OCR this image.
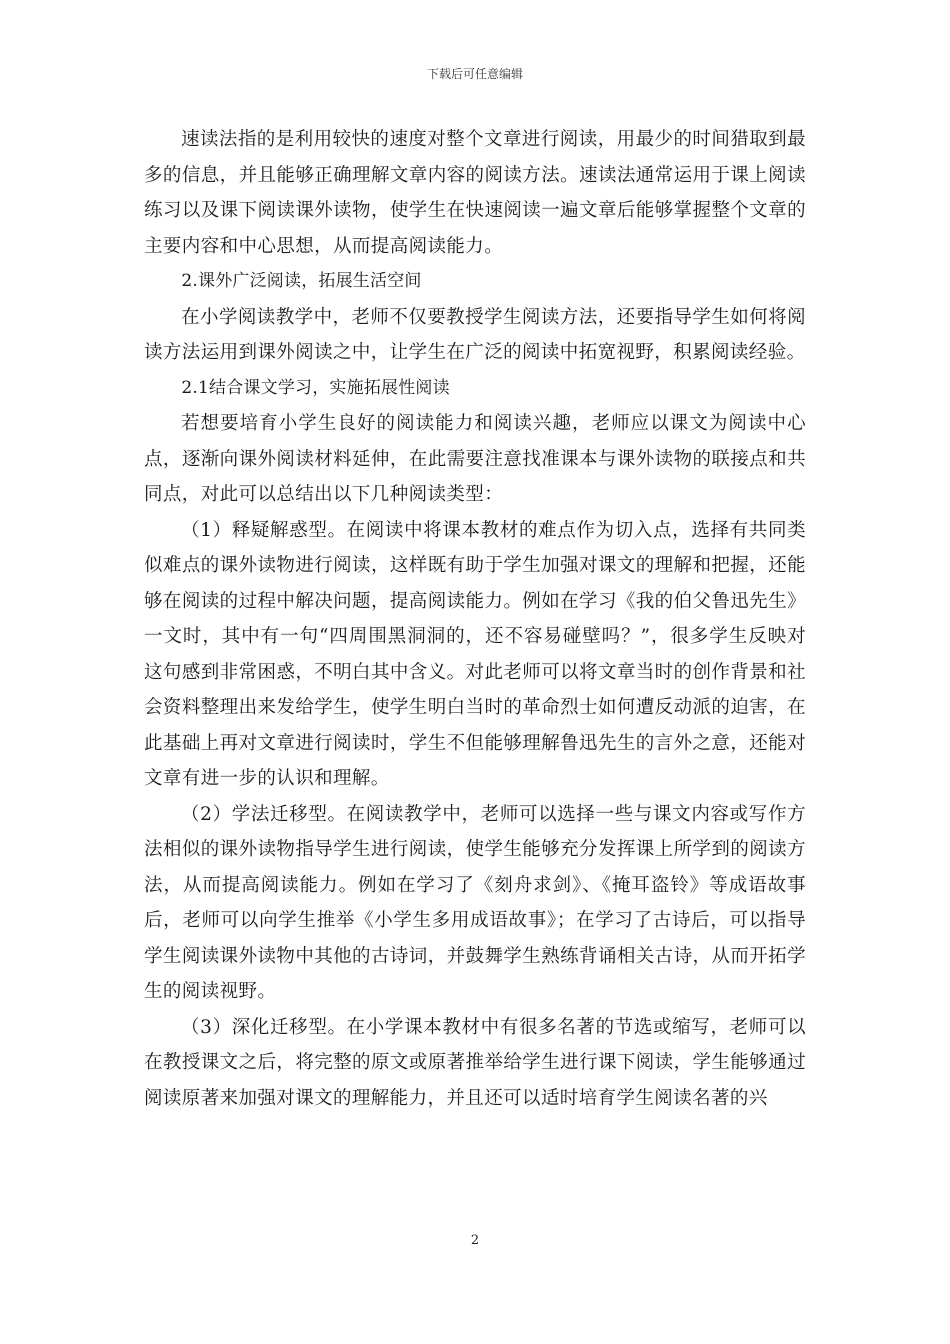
下载后可任意编辑

速读法指的是利用较快的速度对整个文章进行阅读，用最少的时间猎取到最多的信息，并且能够正确理解文章内容的阅读方法。速读法通常运用于课上阅读练习以及课下阅读课外读物，使学生在快速阅读一遍文章后能够掌握整个文章的主要内容和中心思想，从而提高阅读能力。

2.课外广泛阅读，拓展生活空间

在小学阅读教学中，老师不仅要教授学生阅读方法，还要指导学生如何将阅读方法运用到课外阅读之中，让学生在广泛的阅读中拓宽视野，积累阅读经验。

2.1结合课文学习，实施拓展性阅读

若想要培育小学生良好的阅读能力和阅读兴趣，老师应以课文为阅读中心点，逐渐向课外阅读材料延伸，在此需要注意找准课本与课外读物的联接点和共同点，对此可以总结出以下几种阅读类型：

（1）释疑解惑型。在阅读中将课本教材的难点作为切入点，选择有共同类似难点的课外读物进行阅读，这样既有助于学生加强对课文的理解和把握，还能够在阅读的过程中解决问题，提高阅读能力。例如在学习《我的伯父鲁迅先生》一文时，其中有一句“四周围黑洞洞的，还不容易碰壁吗？”，很多学生反映对这句感到非常困惑，不明白其中含义。对此老师可以将文章当时的创作背景和社会资料整理出来发给学生，使学生明白当时的革命烈士如何遭反动派的迫害，在此基础上再对文章进行阅读时，学生不但能够理解鲁迅先生的言外之意，还能对文章有进一步的认识和理解。

（2）学法迁移型。在阅读教学中，老师可以选择一些与课文内容或写作方法相似的课外读物指导学生进行阅读，使学生能够充分发挥课上所学到的阅读方法，从而提高阅读能力。例如在学习了《刻舟求剑》、《掩耳盗铃》等成语故事后，老师可以向学生推举《小学生多用成语故事》；在学习了古诗后，可以指导学生阅读课外读物中其他的古诗词，并鼓舞学生熟练背诵相关古诗，从而开拓学生的阅读视野。

（3）深化迁移型。在小学课本教材中有很多名著的节选或缩写，老师可以在教授课文之后，将完整的原文或原著推举给学生进行课下阅读，学生能够通过阅读原著来加强对课文的理解能力，并且还可以适时培育学生阅读名著的兴

2
